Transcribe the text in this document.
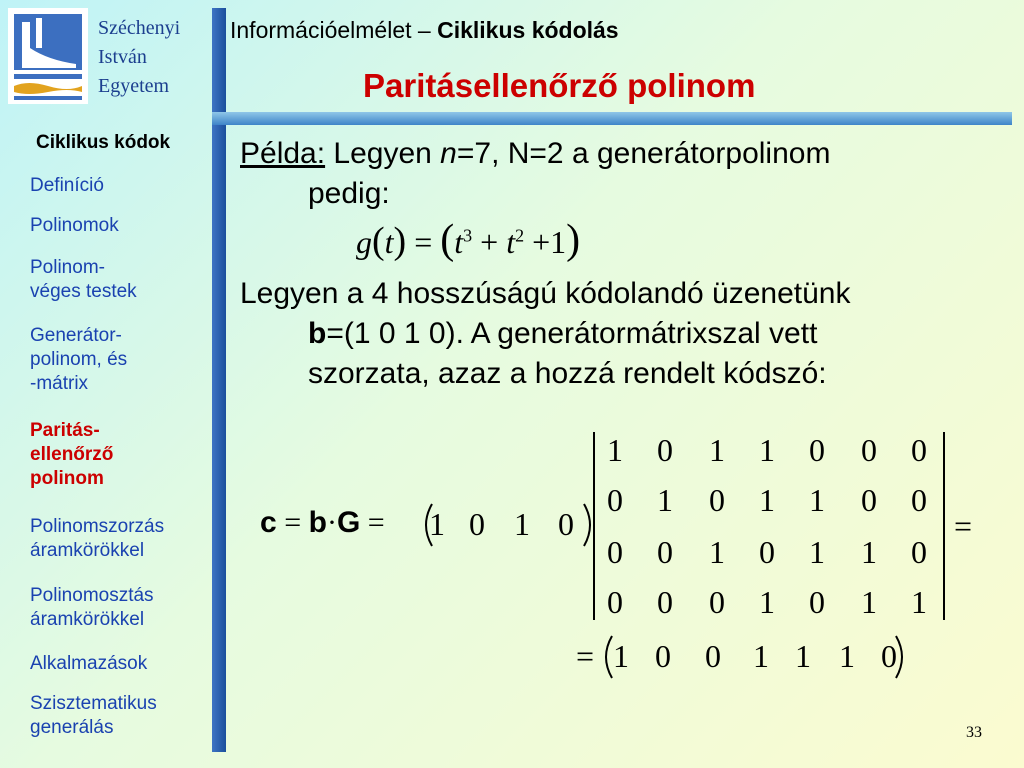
Széchenyi
István
Egyetem
Információelmélet – Ciklikus kódolás
Paritásellenőrző polinom
Ciklikus kódok
Definíció
Polinomok
Polinom-
véges testek
Generátor-
polinom, és
-mátrix
Paritás-
ellenőrző
polinom
Polinomszorzás
áramkörökkel
Polinomosztás
áramkörökkel
Alkalmazások
Szisztematikus
generálás
Példa: Legyen n=7, N=2 a generátorpolinom
pedig:
$g(t) = (t^3 + t^2 +1)$
Legyen a 4 hosszúságú kódolandó üzenetünk
b=(1 0 1 0). A generátormátrixszal vett
szorzata, azaz a hozzá rendelt kódszó:
c = b·G = 1 0 1 0
1 0 1 1 0 0 0
0 1 0 1 1 0 0
0 0 1 0 1 1 0
0 0 0 1 0 1 1
=
= 1 0 0 1 1 1 0
33
